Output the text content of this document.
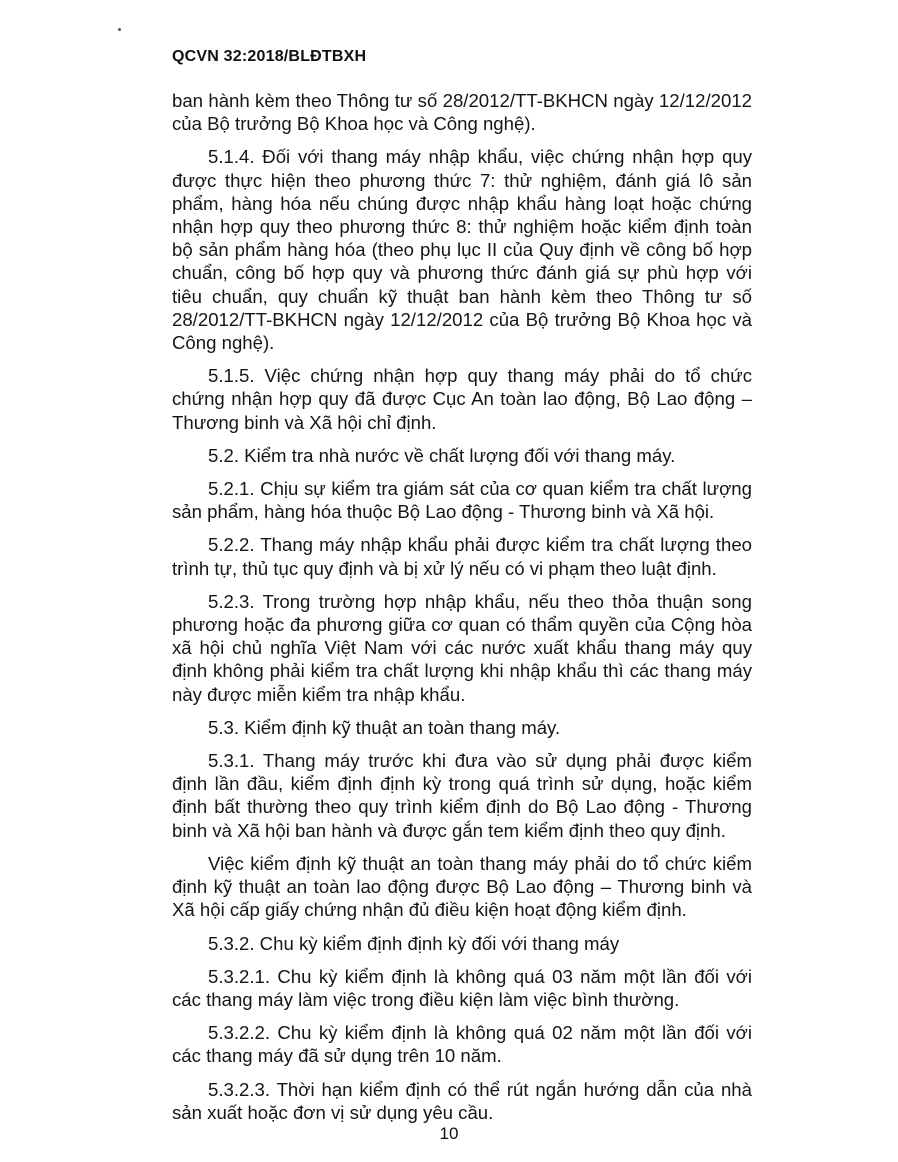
QCVN 32:2018/BLĐTBXH

ban hành kèm theo Thông tư số 28/2012/TT-BKHCN ngày 12/12/2012 của Bộ trưởng Bộ Khoa học và Công nghệ).

5.1.4. Đối với thang máy nhập khẩu, việc chứng nhận hợp quy được thực hiện theo phương thức 7: thử nghiệm, đánh giá lô sản phẩm, hàng hóa nếu chúng được nhập khẩu hàng loạt hoặc chứng nhận hợp quy theo phương thức 8: thử nghiệm hoặc kiểm định toàn bộ sản phẩm hàng hóa (theo phụ lục II của Quy định về công bố hợp chuẩn, công bố hợp quy và phương thức đánh giá sự phù hợp với tiêu chuẩn, quy chuẩn kỹ thuật ban hành kèm theo Thông tư số 28/2012/TT-BKHCN ngày 12/12/2012 của Bộ trưởng Bộ Khoa học và Công nghệ).

5.1.5. Việc chứng nhận hợp quy thang máy phải do tổ chức chứng nhận hợp quy đã được Cục An toàn lao động, Bộ Lao động – Thương binh và Xã hội chỉ định.

5.2. Kiểm tra nhà nước về chất lượng đối với thang máy.

5.2.1. Chịu sự kiểm tra giám sát của cơ quan kiểm tra chất lượng sản phẩm, hàng hóa thuộc Bộ Lao động - Thương binh và Xã hội.

5.2.2. Thang máy nhập khẩu phải được kiểm tra chất lượng theo trình tự, thủ tục quy định và bị xử lý nếu có vi phạm theo luật định.

5.2.3. Trong trường hợp nhập khẩu, nếu theo thỏa thuận song phương hoặc đa phương giữa cơ quan có thẩm quyền của Cộng hòa xã hội chủ nghĩa Việt Nam với các nước xuất khẩu thang máy quy định không phải kiểm tra chất lượng khi nhập khẩu thì các thang máy này được miễn kiểm tra nhập khẩu.

5.3. Kiểm định kỹ thuật an toàn thang máy.

5.3.1. Thang máy trước khi đưa vào sử dụng phải được kiểm định lần đầu, kiểm định định kỳ trong quá trình sử dụng, hoặc kiểm định bất thường theo quy trình kiểm định do Bộ Lao động - Thương binh và Xã hội ban hành và được gắn tem kiểm định theo quy định.

Việc kiểm định kỹ thuật an toàn thang máy phải do tổ chức kiểm định kỹ thuật an toàn lao động được Bộ Lao động – Thương binh và Xã hội cấp giấy chứng nhận đủ điều kiện hoạt động kiểm định.

5.3.2. Chu kỳ kiểm định định kỳ đối với thang máy

5.3.2.1. Chu kỳ kiểm định là không quá 03 năm một lần đối với các thang máy làm việc trong điều kiện làm việc bình thường.

5.3.2.2. Chu kỳ kiểm định là không quá 02 năm một lần đối với các thang máy đã sử dụng trên 10 năm.

5.3.2.3. Thời hạn kiểm định có thể rút ngắn hướng dẫn của nhà sản xuất hoặc đơn vị sử dụng yêu cầu.

10
